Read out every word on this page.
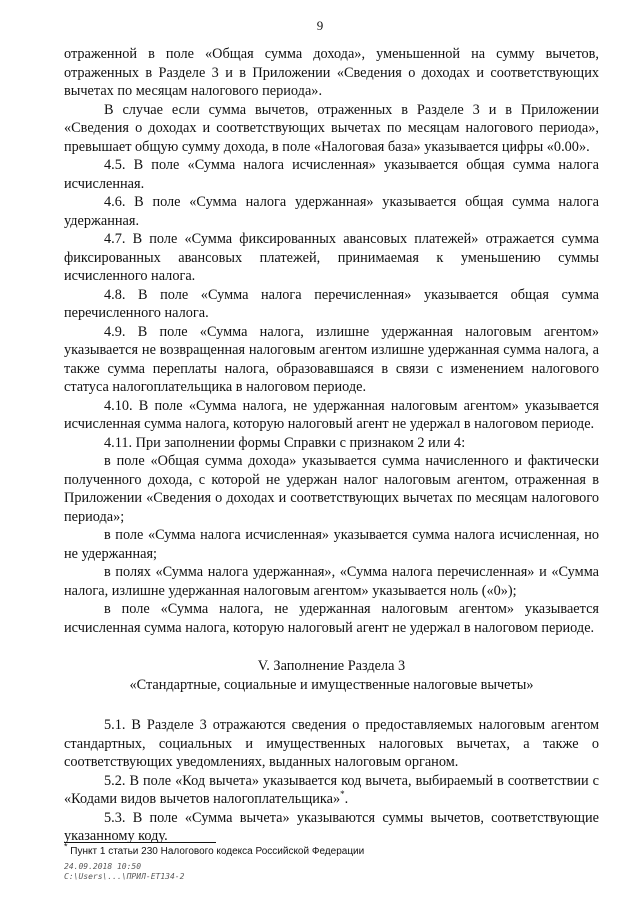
9

отраженной в поле «Общая сумма дохода», уменьшенной на сумму вычетов, отраженных в Разделе 3 и в Приложении «Сведения о доходах и соответствующих вычетах по месяцам налогового периода».

В случае если сумма вычетов, отраженных в Разделе 3 и в Приложении «Сведения о доходах и соответствующих вычетах по месяцам налогового периода», превышает общую сумму дохода, в поле «Налоговая база» указывается цифры «0.00».

4.5. В поле «Сумма налога исчисленная» указывается общая сумма налога исчисленная.

4.6. В поле «Сумма налога удержанная» указывается общая сумма налога удержанная.

4.7. В поле «Сумма фиксированных авансовых платежей» отражается сумма фиксированных авансовых платежей, принимаемая к уменьшению суммы исчисленного налога.

4.8. В поле «Сумма налога перечисленная» указывается общая сумма перечисленного налога.

4.9. В поле «Сумма налога, излишне удержанная налоговым агентом» указывается не возвращенная налоговым агентом излишне удержанная сумма налога, а также сумма переплаты налога, образовавшаяся в связи с изменением налогового статуса налогоплательщика в налоговом периоде.

4.10. В поле «Сумма налога, не удержанная налоговым агентом» указывается исчисленная сумма налога, которую налоговый агент не удержал в налоговом периоде.

4.11. При заполнении формы Справки с признаком 2 или 4:

в поле «Общая сумма дохода» указывается сумма начисленного и фактически полученного дохода, с которой не удержан налог налоговым агентом, отраженная в Приложении «Сведения о доходах и соответствующих вычетах по месяцам налогового периода»;

в поле «Сумма налога исчисленная» указывается сумма налога исчисленная, но не удержанная;

в полях «Сумма налога удержанная», «Сумма налога перечисленная» и «Сумма налога, излишне удержанная налоговым агентом» указывается ноль («0»);

в поле «Сумма налога, не удержанная налоговым агентом» указывается исчисленная сумма налога, которую налоговый агент не удержал в налоговом периоде.

V. Заполнение Раздела 3
«Стандартные, социальные и имущественные налоговые вычеты»

5.1. В Разделе 3 отражаются сведения о предоставляемых налоговым агентом стандартных, социальных и имущественных налоговых вычетах, а также о соответствующих уведомлениях, выданных налоговым органом.

5.2. В поле «Код вычета» указывается код вычета, выбираемый в соответствии с «Кодами видов вычетов налогоплательщика»*.

5.3. В поле «Сумма вычета» указываются суммы вычетов, соответствующие указанному коду.

* Пункт 1 статьи 230 Налогового кодекса Российской Федерации
24.09.2018 10:50
C:\Users\...\ПРИЛ-ЕТ134-2
